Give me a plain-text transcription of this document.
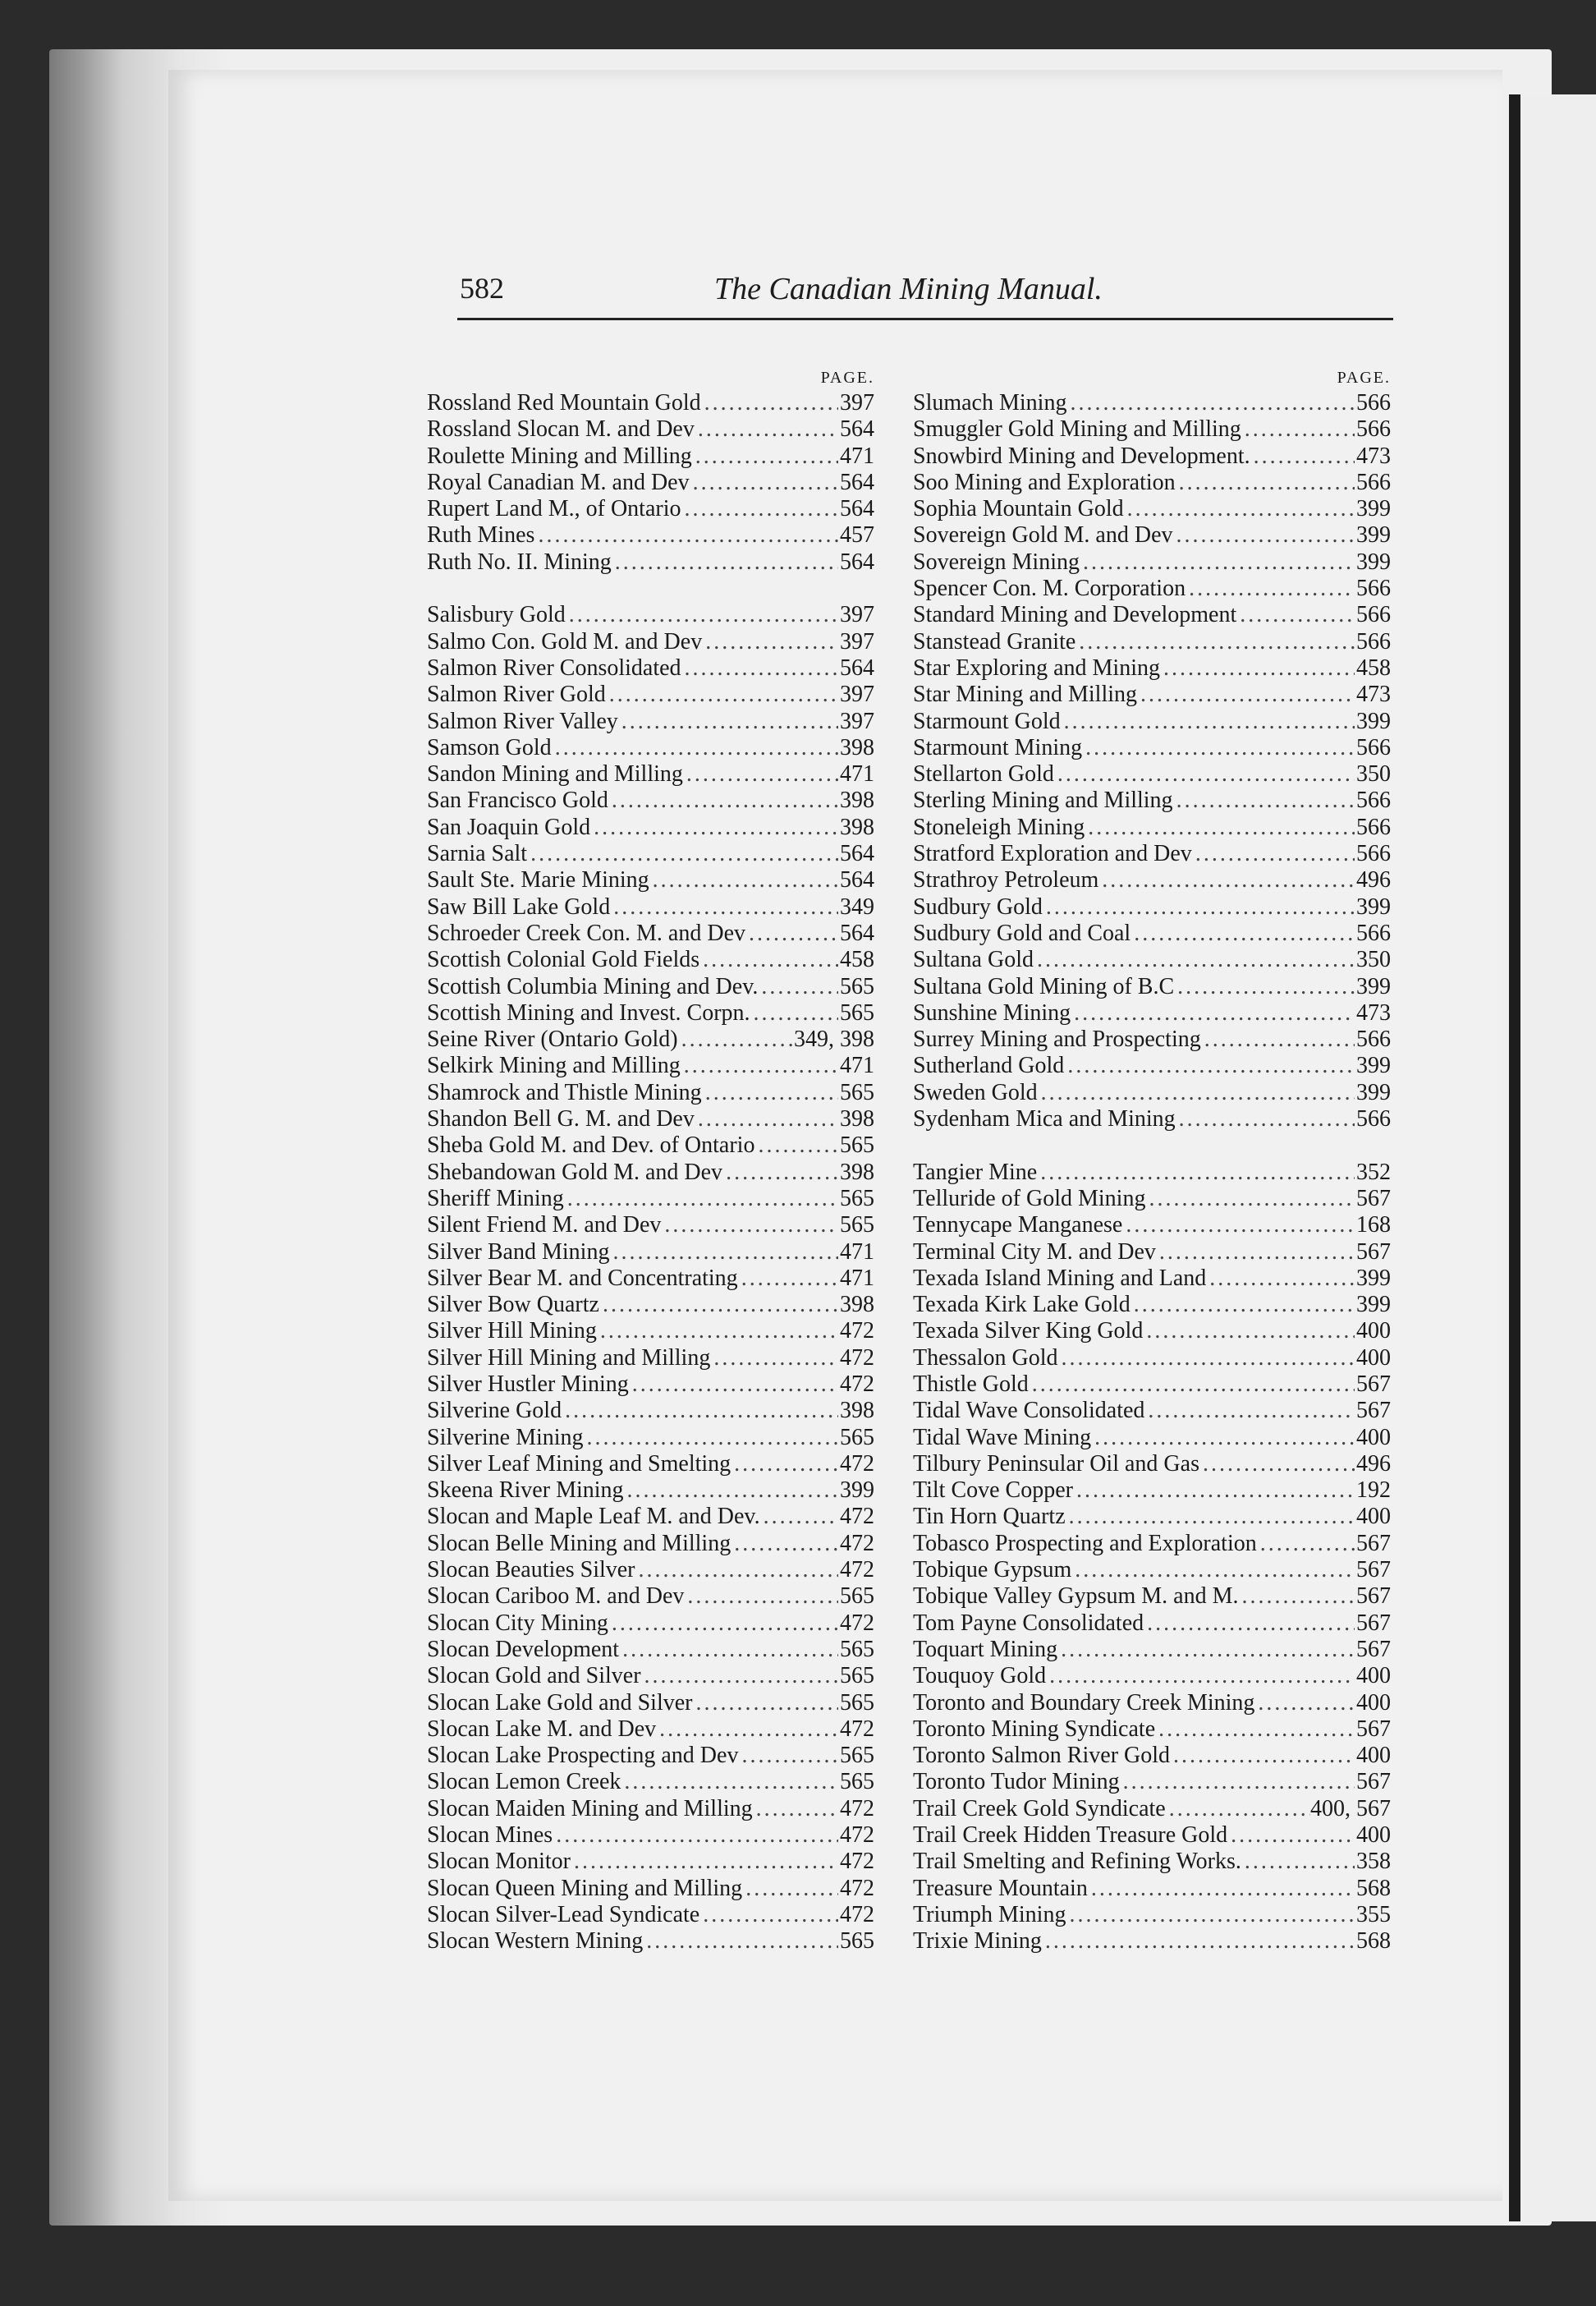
582	The Canadian Mining Manual.
PAGE.
Rossland Red Mountain Gold .....	397
Rossland Slocan M. and Dev .....	564
Roulette Mining and Milling .....	471
Royal Canadian M. and Dev .....	564
Rupert Land M., of Ontario .....	564
Ruth Mines .....	457
Ruth No. II. Mining .....	564
Salisbury Gold .....	397
Salmo Con. Gold M. and Dev .....	397
Salmon River Consolidated .....	564
Salmon River Gold .....	397
Salmon River Valley .....	397
Samson Gold .....	398
Sandon Mining and Milling .....	471
San Francisco Gold .....	398
San Joaquin Gold .....	398
Sarnia Salt .....	564
Sault Ste. Marie Mining .....	564
Saw Bill Lake Gold .....	349
Schroeder Creek Con. M. and Dev .....	564
Scottish Colonial Gold Fields .....	458
Scottish Columbia Mining and Dev. .....	565
Scottish Mining and Invest. Corpn. .....	565
Seine River (Ontario Gold) .....	349, 398
Selkirk Mining and Milling .....	471
Shamrock and Thistle Mining .....	565
Shandon Bell G. M. and Dev .....	398
Sheba Gold M. and Dev. of Ontario .....	565
Shebandowan Gold M. and Dev .....	398
Sheriff Mining .....	565
Silent Friend M. and Dev .....	565
Silver Band Mining .....	471
Silver Bear M. and Concentrating .....	471
Silver Bow Quartz .....	398
Silver Hill Mining .....	472
Silver Hill Mining and Milling .....	472
Silver Hustler Mining .....	472
Silverine Gold .....	398
Silverine Mining .....	565
Silver Leaf Mining and Smelting .....	472
Skeena River Mining .....	399
Slocan and Maple Leaf M. and Dev. .....	472
Slocan Belle Mining and Milling .....	472
Slocan Beauties Silver .....	472
Slocan Cariboo M. and Dev .....	565
Slocan City Mining .....	472
Slocan Development .....	565
Slocan Gold and Silver .....	565
Slocan Lake Gold and Silver .....	565
Slocan Lake M. and Dev .....	472
Slocan Lake Prospecting and Dev .....	565
Slocan Lemon Creek .....	565
Slocan Maiden Mining and Milling .....	472
Slocan Mines .....	472
Slocan Monitor .....	472
Slocan Queen Mining and Milling .....	472
Slocan Silver-Lead Syndicate .....	472
Slocan Western Mining .....	565
PAGE.
Slumach Mining .....	566
Smuggler Gold Mining and Milling .....	566
Snowbird Mining and Development. .....	473
Soo Mining and Exploration .....	566
Sophia Mountain Gold .....	399
Sovereign Gold M. and Dev .....	399
Sovereign Mining .....	399
Spencer Con. M. Corporation .....	566
Standard Mining and Development .....	566
Stanstead Granite .....	566
Star Exploring and Mining .....	458
Star Mining and Milling .....	473
Starmount Gold .....	399
Starmount Mining .....	566
Stellarton Gold .....	350
Sterling Mining and Milling .....	566
Stoneleigh Mining .....	566
Stratford Exploration and Dev .....	566
Strathroy Petroleum .....	496
Sudbury Gold .....	399
Sudbury Gold and Coal .....	566
Sultana Gold .....	350
Sultana Gold Mining of B.C .....	399
Sunshine Mining .....	473
Surrey Mining and Prospecting .....	566
Sutherland Gold .....	399
Sweden Gold .....	399
Sydenham Mica and Mining .....	566
Tangier Mine .....	352
Telluride of Gold Mining .....	567
Tennycape Manganese .....	168
Terminal City M. and Dev .....	567
Texada Island Mining and Land .....	399
Texada Kirk Lake Gold .....	399
Texada Silver King Gold .....	400
Thessalon Gold .....	400
Thistle Gold .....	567
Tidal Wave Consolidated .....	567
Tidal Wave Mining .....	400
Tilbury Peninsular Oil and Gas .....	496
Tilt Cove Copper .....	192
Tin Horn Quartz .....	400
Tobasco Prospecting and Exploration .....	567
Tobique Gypsum .....	567
Tobique Valley Gypsum M. and M. .....	567
Tom Payne Consolidated .....	567
Toquart Mining .....	567
Touquoy Gold .....	400
Toronto and Boundary Creek Mining .....	400
Toronto Mining Syndicate .....	567
Toronto Salmon River Gold .....	400
Toronto Tudor Mining .....	567
Trail Creek Gold Syndicate .....	400, 567
Trail Creek Hidden Treasure Gold .....	400
Trail Smelting and Refining Works. .....	358
Treasure Mountain .....	568
Triumph Mining .....	355
Trixie Mining .....	568
